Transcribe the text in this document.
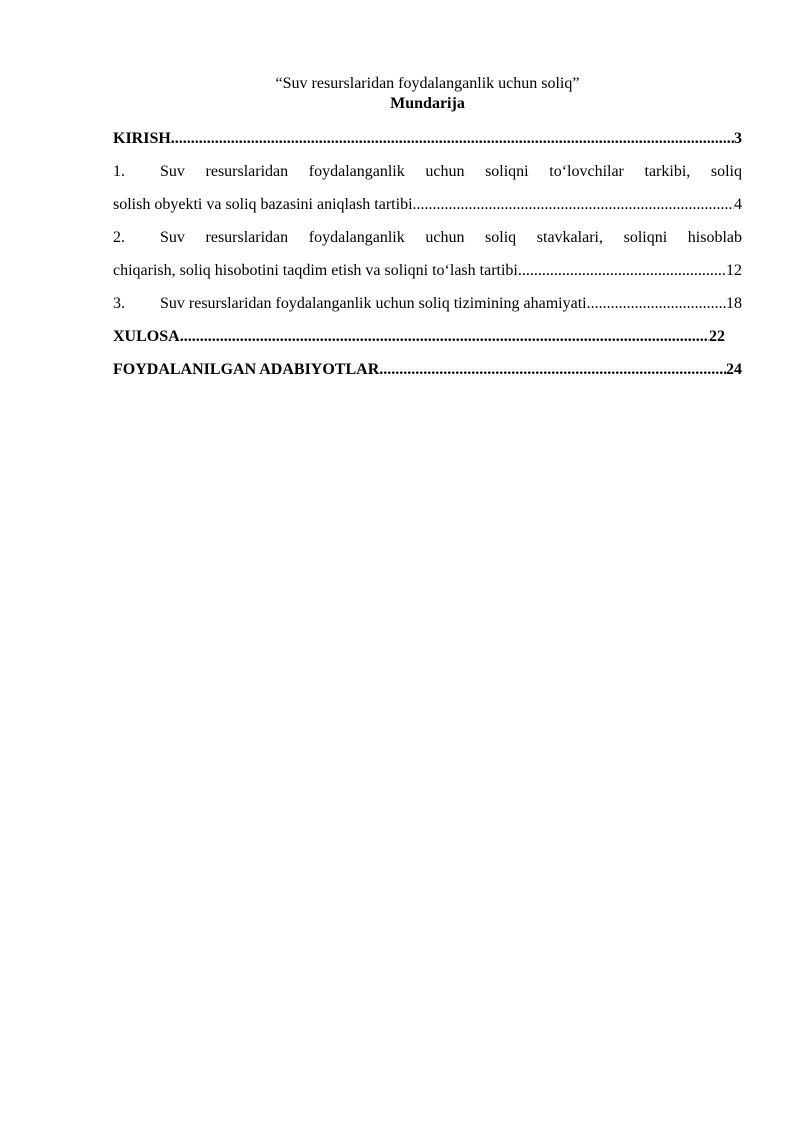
“Suv resurslaridan foydalanganlik uchun soliq”

Mundarija

KIRISH .....	3
1. Suv resurslaridan foydalanganlik uchun soliqni to‘lovchilar tarkibi, soliq
solish obyekti va soliq bazasini aniqlash tartibi .....	4
2. Suv resurslaridan foydalanganlik uchun soliq stavkalari, soliqni hisoblab
chiqarish, soliq hisobotini taqdim etish va soliqni to‘lash tartibi .....	12
3.	Suv resurslaridan foydalanganlik uchun soliq tizimining ahamiyati .....	18
XULOSA .....	22
FOYDALANILGAN ADABIYOTLAR .....	24
